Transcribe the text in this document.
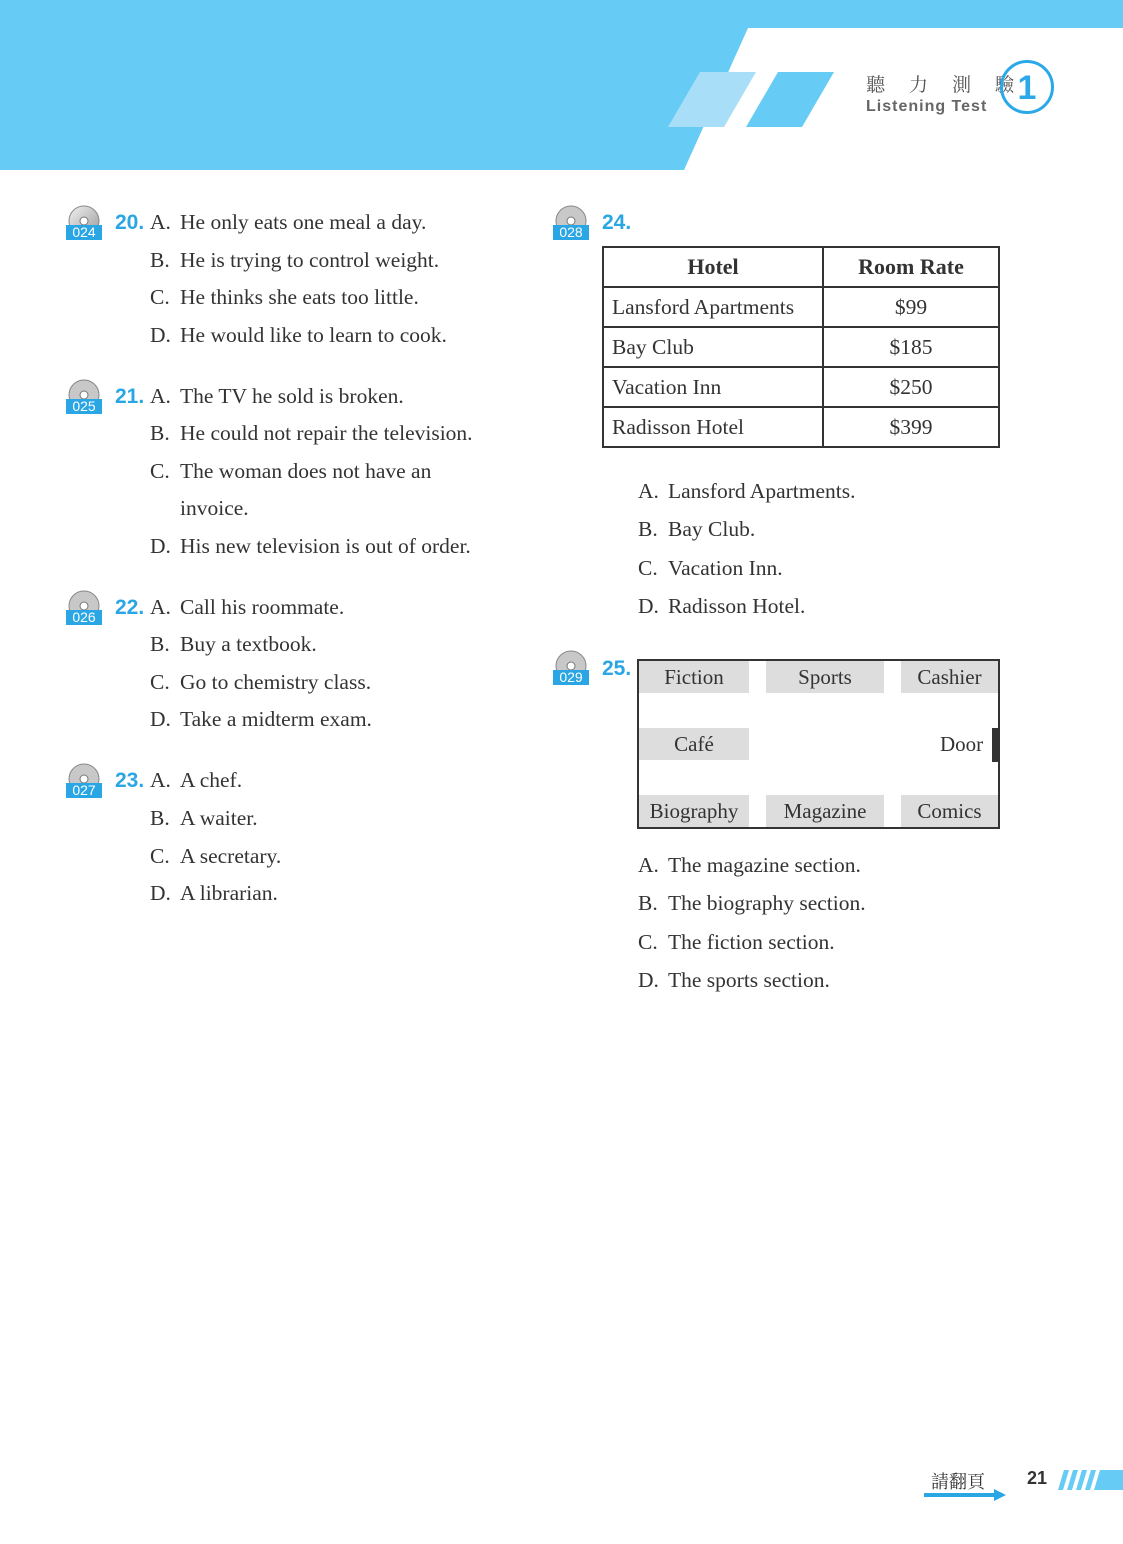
聽 力 測 驗
Listening Test 1
024 20. A. He only eats one meal a day.
B. He is trying to control weight.
C. He thinks she eats too little.
D. He would like to learn to cook.
025 21. A. The TV he sold is broken.
B. He could not repair the television.
C. The woman does not have an
invoice.
D. His new television is out of order.
026 22. A. Call his roommate.
B. Buy a textbook.
C. Go to chemistry class.
D. Take a midterm exam.
027 23. A. A chef.
B. A waiter.
C. A secretary.
D. A librarian.
028 24.
Hotel	Room Rate
Lansford Apartments	$99
Bay Club	$185
Vacation Inn	$250
Radisson Hotel	$399
A. Lansford Apartments.
B. Bay Club.
C. Vacation Inn.
D. Radisson Hotel.
029 25.	Fiction	Sports	Cashier
Café	Door
Biography	Magazine	Comics
A. The magazine section.
B. The biography section.
C. The fiction section.
D. The sports section.
請翻頁 21
